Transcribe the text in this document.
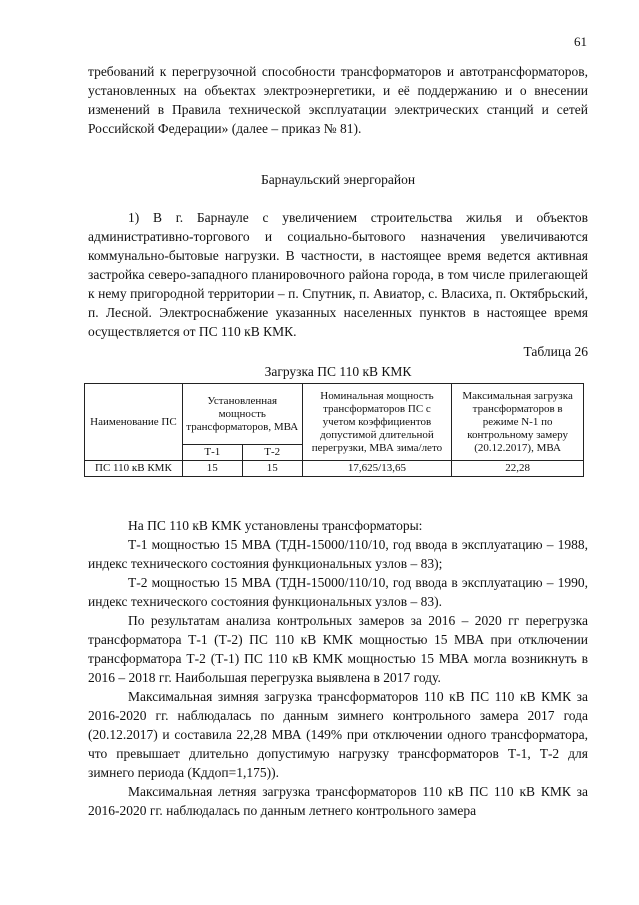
61

требований к перегрузочной способности трансформаторов и автотрансформаторов, установленных на объектах электроэнергетики, и её поддержанию и о внесении изменений в Правила технической эксплуатации электрических станций и сетей Российской Федерации» (далее – приказ № 81).

Барнаульский энергорайон

1) В г. Барнауле с увеличением строительства жилья и объектов административно-торгового и социально-бытового назначения увеличиваются коммунально-бытовые нагрузки. В частности, в настоящее время ведется активная застройка северо-западного планировочного района города, в том числе прилегающей к нему пригородной территории – п. Спутник, п. Авиатор, с. Власиха, п. Октябрьский, п. Лесной. Электроснабжение указанных населенных пунктов в настоящее время осуществляется от ПС 110 кВ КМК.

Таблица 26
Загрузка ПС 110 кВ КМК
Наименование ПС	Установленная мощность трансформаторов, МВА		Номинальная мощность трансформаторов ПС с учетом коэффициентов допустимой длительной перегрузки, МВА зима/лето	Максимальная загрузка трансформаторов в режиме N-1 по контрольному замеру (20.12.2017), МВА
	Т-1	Т-2		
ПС 110 кВ КМК	15	15	17,625/13,65	22,28

На ПС 110 кВ КМК установлены трансформаторы:

Т-1 мощностью 15 МВА (ТДН-15000/110/10, год ввода в эксплуатацию – 1988, индекс технического состояния функциональных узлов – 83);

Т-2 мощностью 15 МВА (ТДН-15000/110/10, год ввода в эксплуатацию – 1990, индекс технического состояния функциональных узлов – 83).

По результатам анализа контрольных замеров за 2016 – 2020 гг перегрузка трансформатора Т-1 (Т-2) ПС 110 кВ КМК мощностью 15 МВА при отключении трансформатора Т-2 (Т-1) ПС 110 кВ КМК мощностью 15 МВА могла возникнуть в 2016 – 2018 гг. Наибольшая перегрузка выявлена в 2017 году.

Максимальная зимняя загрузка трансформаторов 110 кВ ПС 110 кВ КМК за 2016-2020 гг. наблюдалась по данным зимнего контрольного замера 2017 года (20.12.2017) и составила 22,28 МВА (149% при отключении одного трансформатора, что превышает длительно допустимую нагрузку трансформаторов Т-1, Т-2 для зимнего периода (Кддоп=1,175)).

Максимальная летняя загрузка трансформаторов 110 кВ ПС 110 кВ КМК за 2016-2020 гг. наблюдалась по данным летнего контрольного замера
